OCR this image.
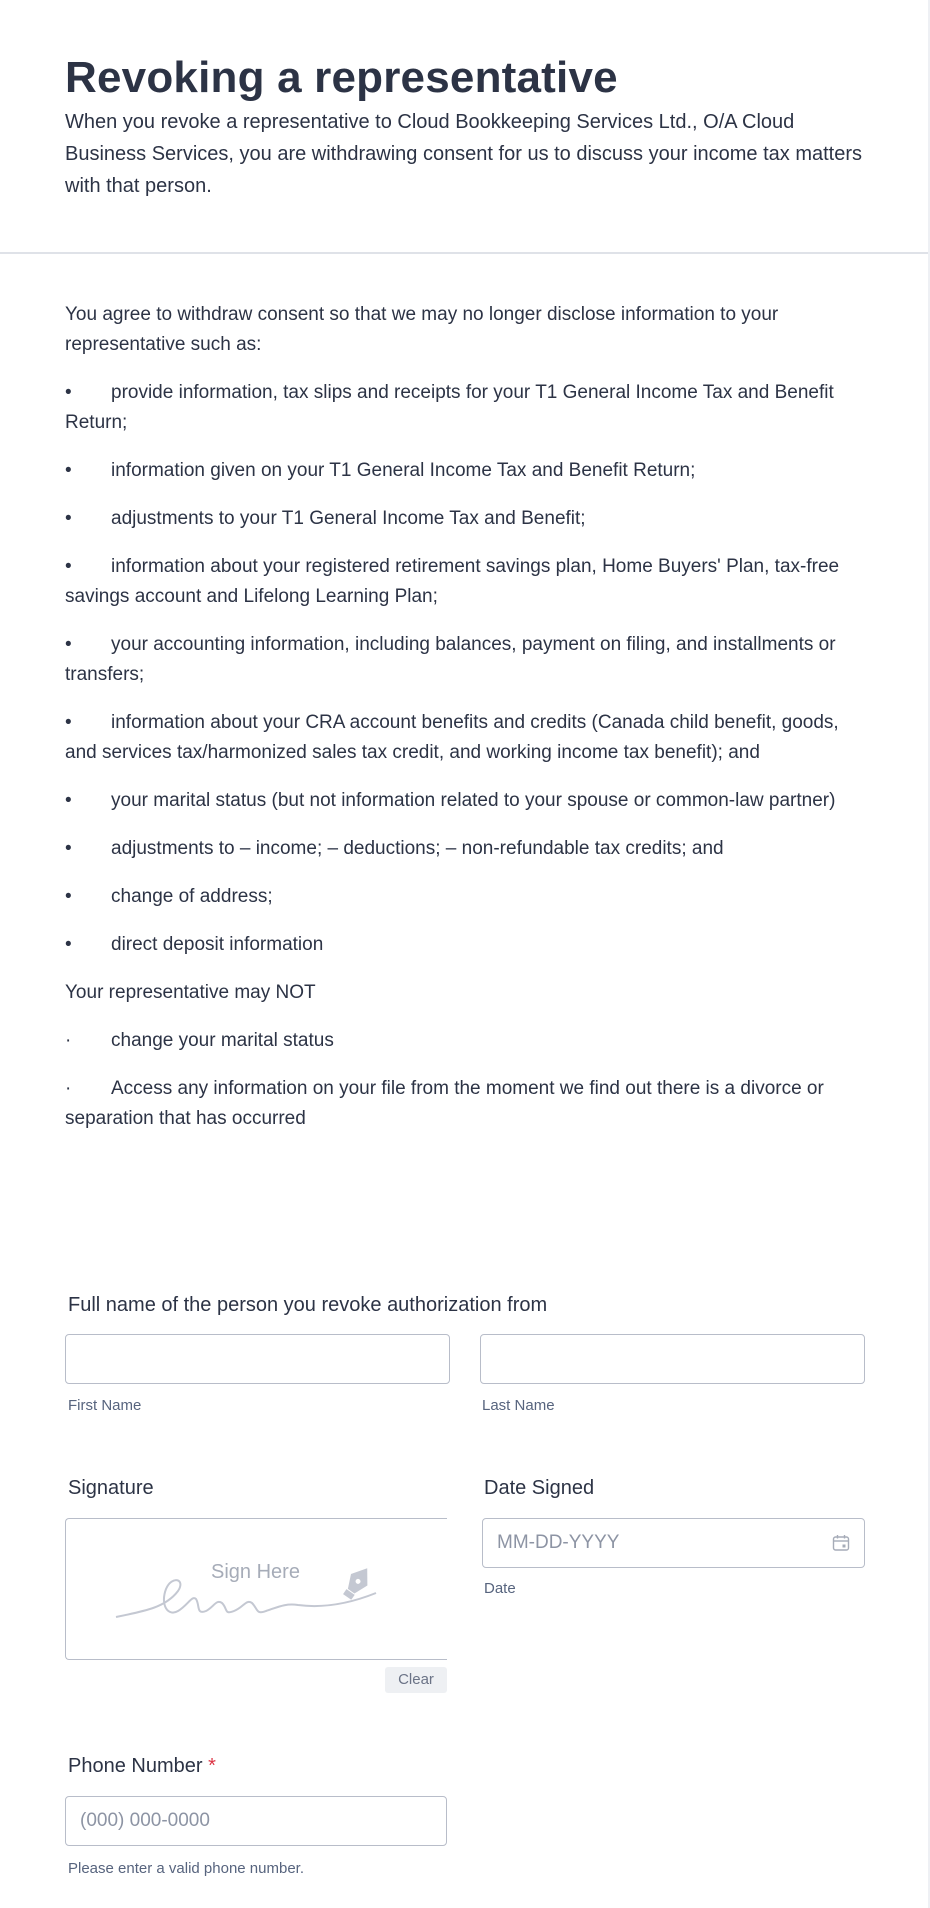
Revoking a representative

When you revoke a representative to Cloud Bookkeeping Services Ltd., O/A Cloud Business Services, you are withdrawing consent for us to discuss your income tax matters with that person.

You agree to withdraw consent so that we may no longer disclose information to your representative such as:

• provide information, tax slips and receipts for your T1 General Income Tax and Benefit Return;

• information given on your T1 General Income Tax and Benefit Return;

• adjustments to your T1 General Income Tax and Benefit;

• information about your registered retirement savings plan, Home Buyers' Plan, tax-free savings account and Lifelong Learning Plan;

• your accounting information, including balances, payment on filing, and installments or transfers;

• information about your CRA account benefits and credits (Canada child benefit, goods, and services tax/harmonized sales tax credit, and working income tax benefit); and

• your marital status (but not information related to your spouse or common-law partner)

• adjustments to – income; – deductions; – non-refundable tax credits; and

• change of address;

• direct deposit information

Your representative may NOT

· change your marital status

· Access any information on your file from the moment we find out there is a divorce or separation that has occurred

Full name of the person you revoke authorization from
First Name	Last Name
Signature
Sign Here
Clear
Date Signed
MM-DD-YYYY
Date
Phone Number *
(000) 000-0000
Please enter a valid phone number.
